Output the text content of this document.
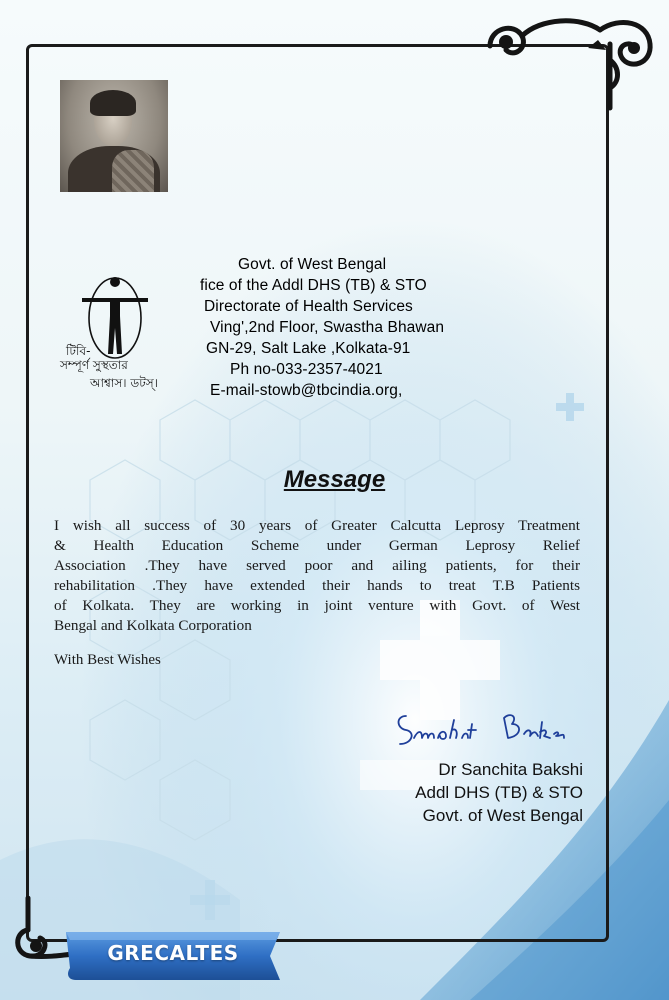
টিবি-
সম্পূর্ণ সুস্থতার
আশ্বাস। ডটস্।
Govt. of West Bengal
fice of the Addl DHS (TB) & STO
Directorate of Health Services
Ving',2nd Floor, Swastha Bhawan
GN-29, Salt Lake ,Kolkata-91
Ph no-033-2357-4021
E-mail-stowb@tbcindia.org,
Message
I wish all success of 30 years of Greater Calcutta Leprosy Treatment
& Health Education Scheme under German Leprosy Relief
Association .They have served poor and ailing patients, for their
rehabilitation .They have extended their hands to treat T.B Patients
of Kolkata. They are working in joint venture with Govt. of West
Bengal and Kolkata Corporation
With Best Wishes
Dr Sanchita Bakshi
Addl DHS (TB) & STO
Govt. of West Bengal
GRECALTES
